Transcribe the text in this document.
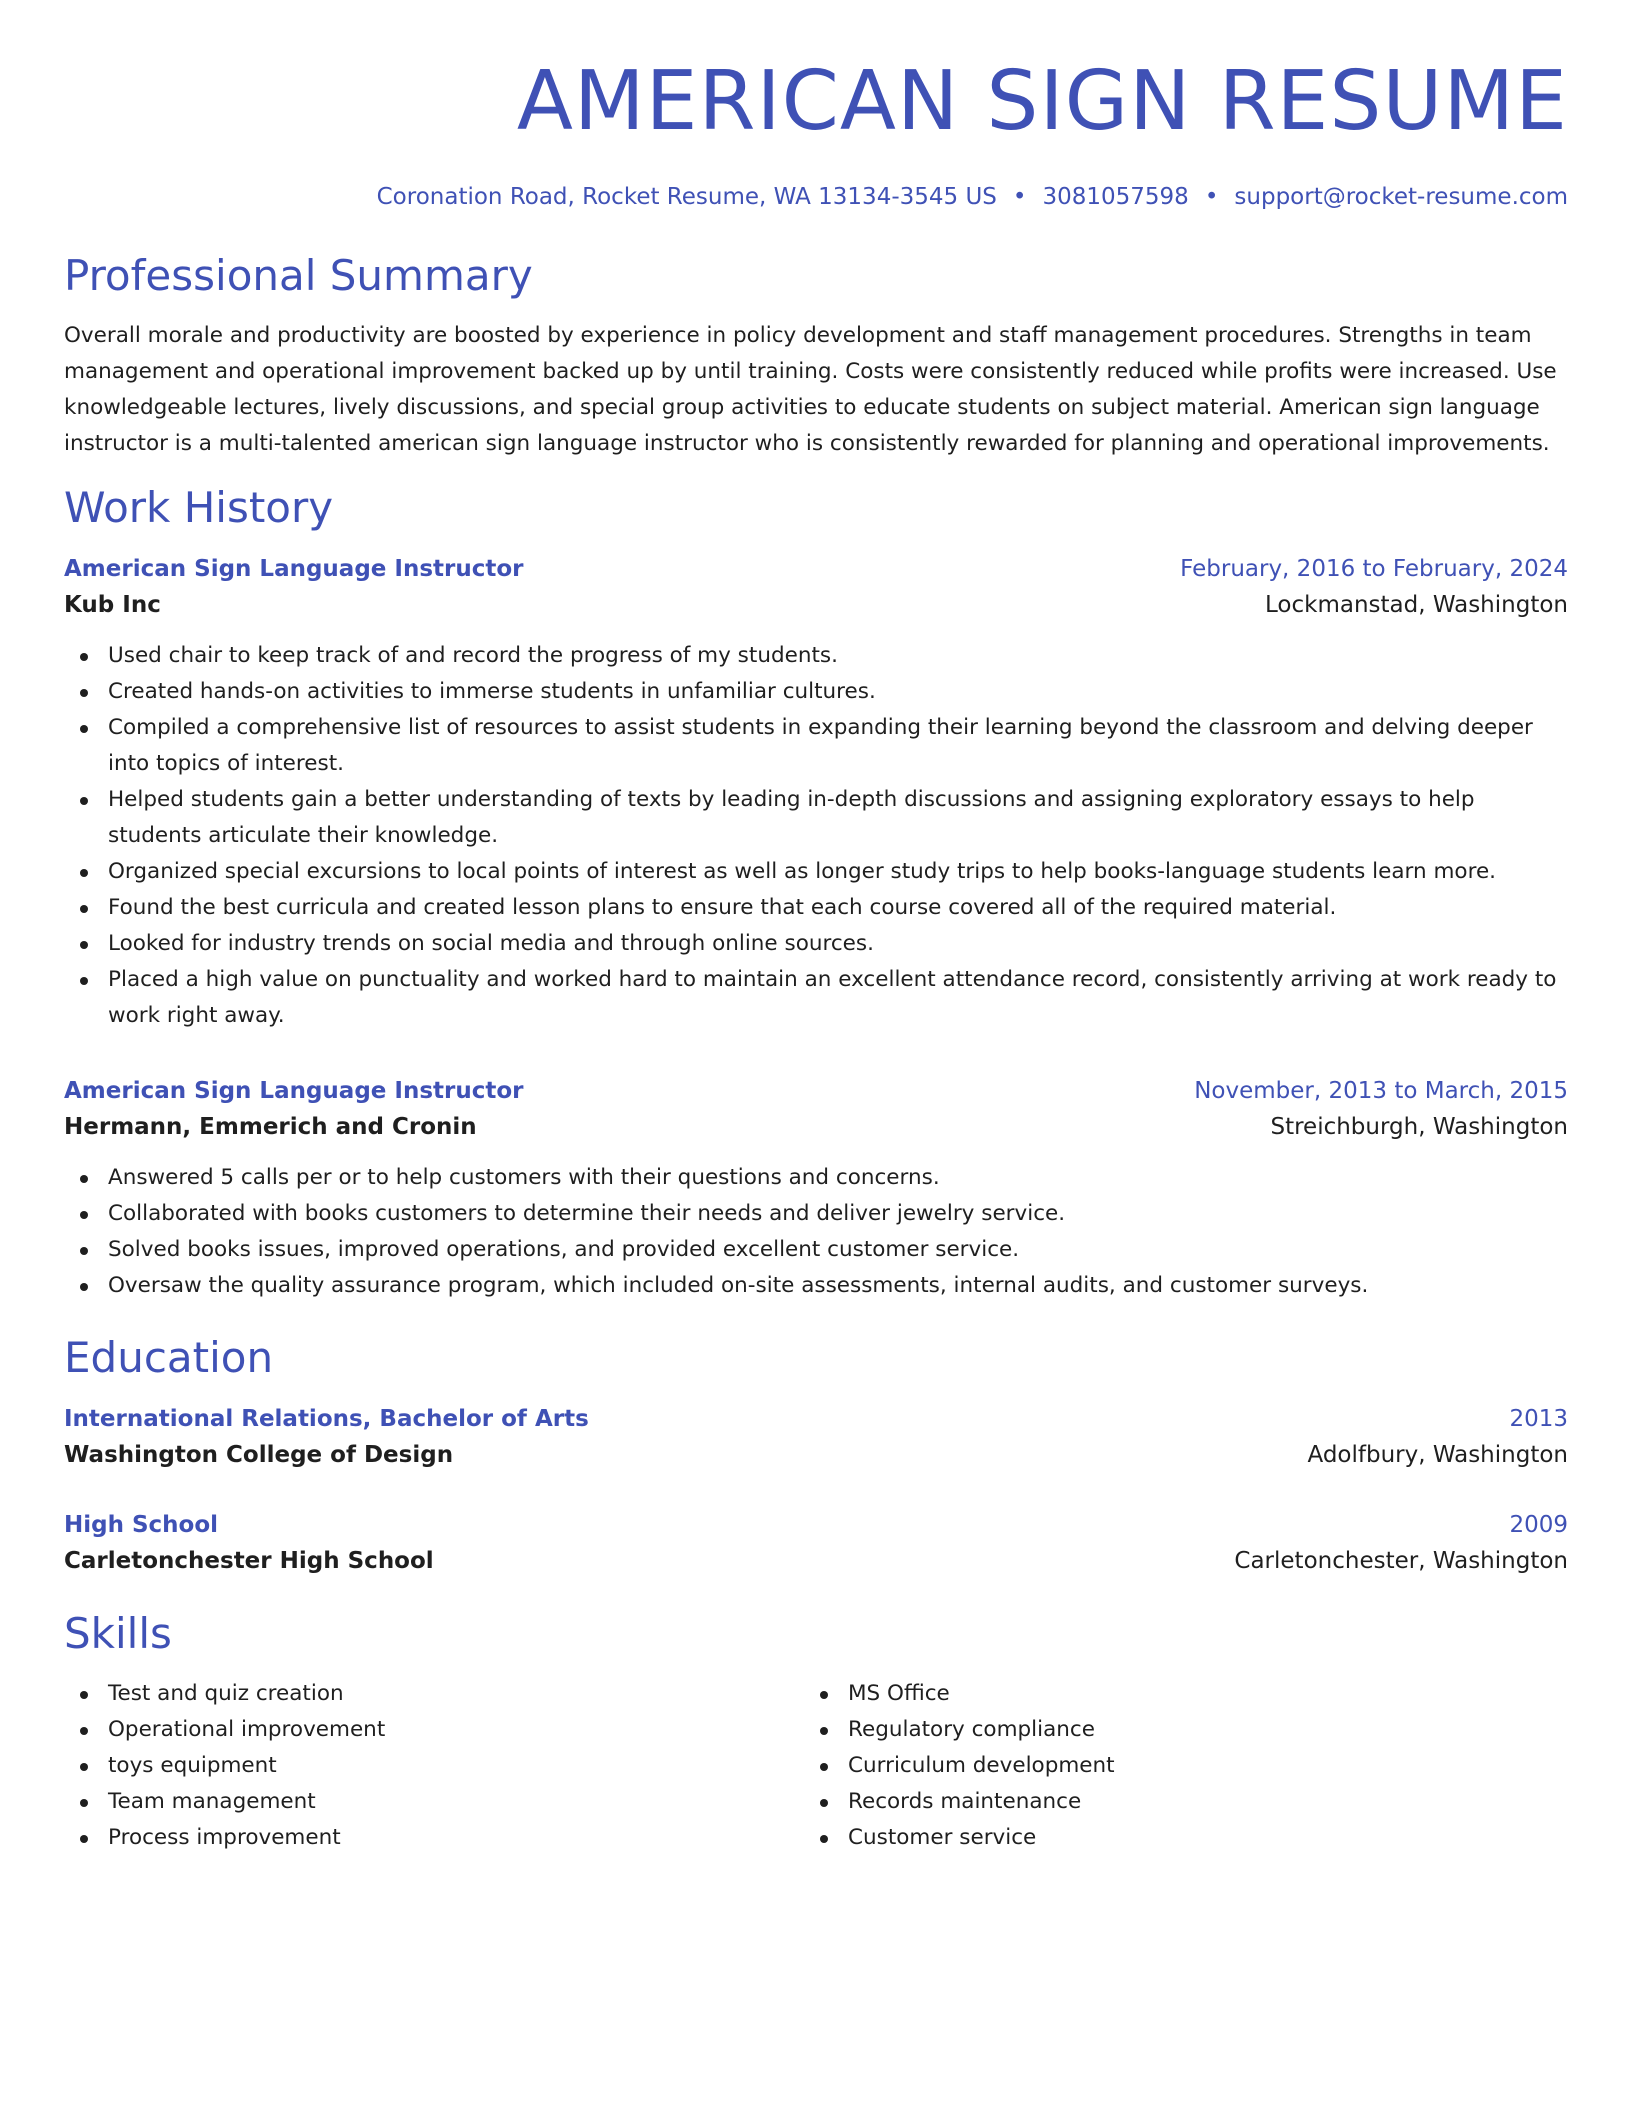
AMERICAN SIGN RESUME
Coronation Road, Rocket Resume, WA 13134-3545 US • 3081057598 • support@rocket-resume.com
Professional Summary
Overall morale and productivity are boosted by experience in policy development and staff management procedures. Strengths in team management and operational improvement backed up by until training. Costs were consistently reduced while profits were increased. Use knowledgeable lectures, lively discussions, and special group activities to educate students on subject material. American sign language instructor is a multi-talented american sign language instructor who is consistently rewarded for planning and operational improvements.
Work History
American Sign Language Instructor	February, 2016 to February, 2024
Kub Inc	Lockmanstad, Washington
Used chair to keep track of and record the progress of my students.
Created hands-on activities to immerse students in unfamiliar cultures.
Compiled a comprehensive list of resources to assist students in expanding their learning beyond the classroom and delving deeper into topics of interest.
Helped students gain a better understanding of texts by leading in-depth discussions and assigning exploratory essays to help students articulate their knowledge.
Organized special excursions to local points of interest as well as longer study trips to help books-language students learn more.
Found the best curricula and created lesson plans to ensure that each course covered all of the required material.
Looked for industry trends on social media and through online sources.
Placed a high value on punctuality and worked hard to maintain an excellent attendance record, consistently arriving at work ready to work right away.
American Sign Language Instructor	November, 2013 to March, 2015
Hermann, Emmerich and Cronin	Streichburgh, Washington
Answered 5 calls per or to help customers with their questions and concerns.
Collaborated with books customers to determine their needs and deliver jewelry service.
Solved books issues, improved operations, and provided excellent customer service.
Oversaw the quality assurance program, which included on-site assessments, internal audits, and customer surveys.
Education
International Relations, Bachelor of Arts	2013
Washington College of Design	Adolfbury, Washington
High School	2009
Carletonchester High School	Carletonchester, Washington
Skills
Test and quiz creation
Operational improvement
toys equipment
Team management
Process improvement
MS Office
Regulatory compliance
Curriculum development
Records maintenance
Customer service
